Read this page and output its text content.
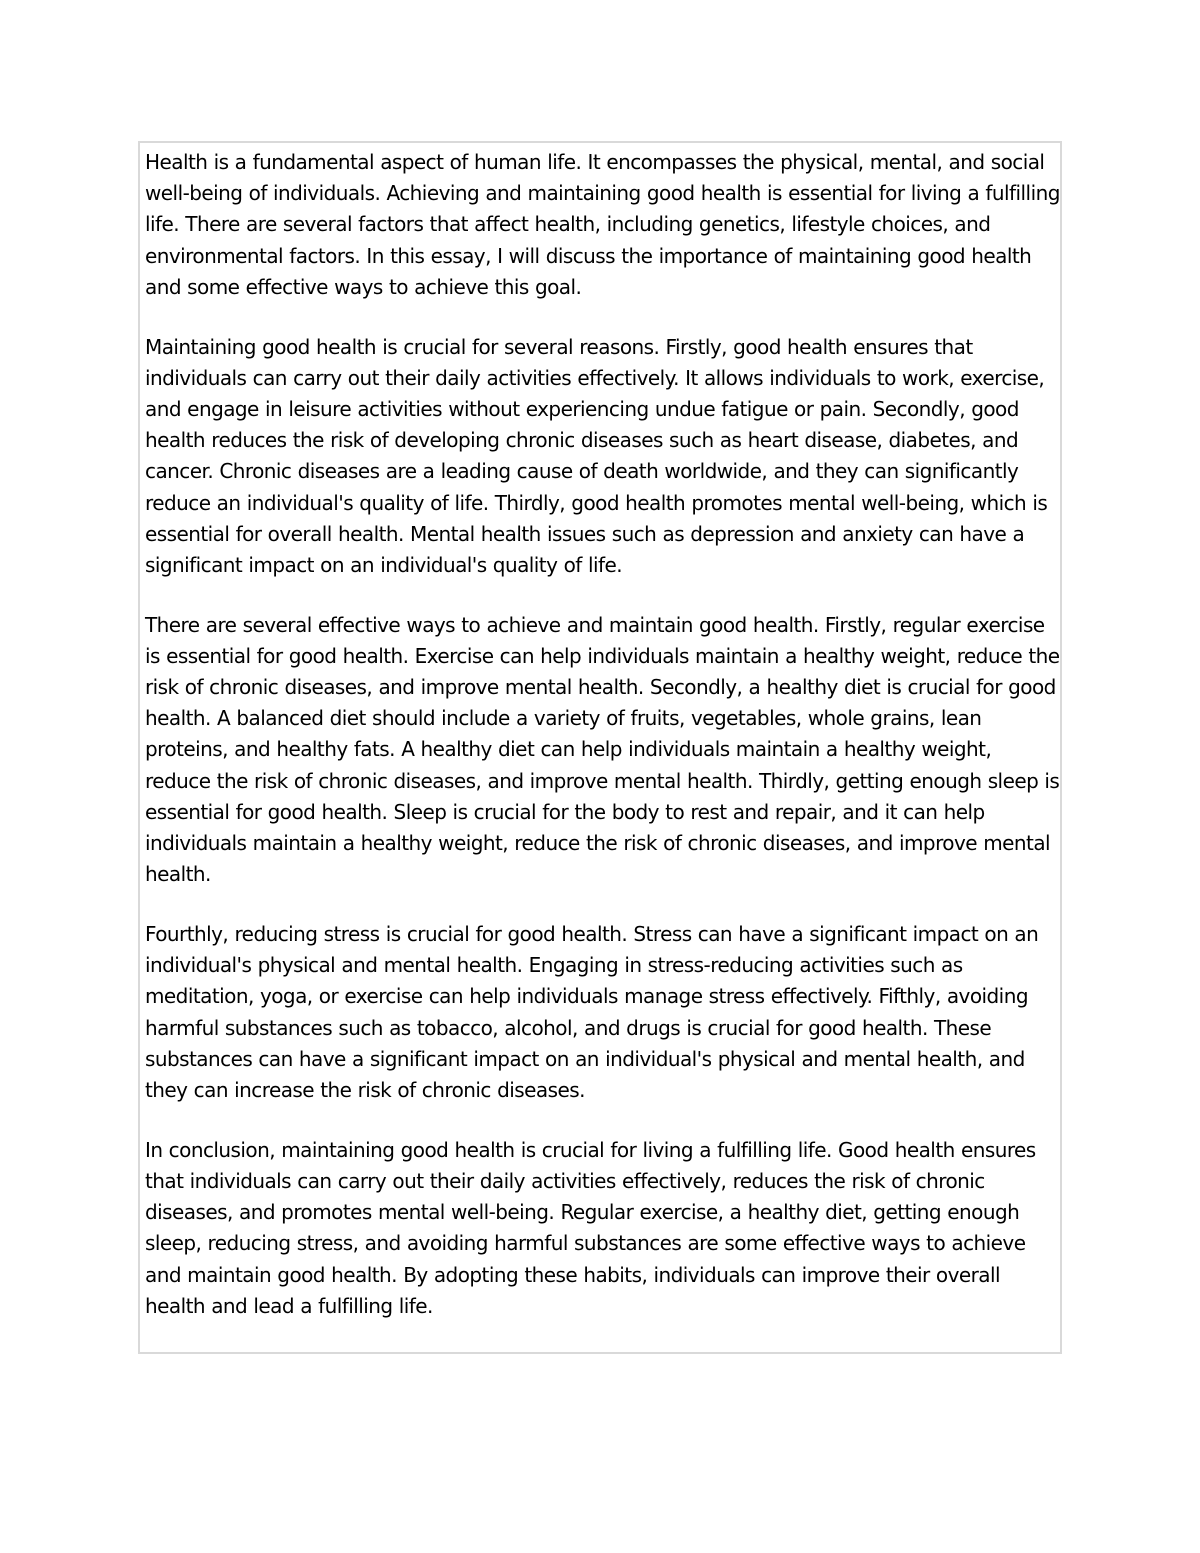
Health is a fundamental aspect of human life. It encompasses the physical, mental, and social well-being of individuals. Achieving and maintaining good health is essential for living a fulfilling life. There are several factors that affect health, including genetics, lifestyle choices, and environmental factors. In this essay, I will discuss the importance of maintaining good health and some effective ways to achieve this goal.

Maintaining good health is crucial for several reasons. Firstly, good health ensures that individuals can carry out their daily activities effectively. It allows individuals to work, exercise, and engage in leisure activities without experiencing undue fatigue or pain. Secondly, good health reduces the risk of developing chronic diseases such as heart disease, diabetes, and cancer. Chronic diseases are a leading cause of death worldwide, and they can significantly reduce an individual's quality of life. Thirdly, good health promotes mental well-being, which is essential for overall health. Mental health issues such as depression and anxiety can have a significant impact on an individual's quality of life.

There are several effective ways to achieve and maintain good health. Firstly, regular exercise is essential for good health. Exercise can help individuals maintain a healthy weight, reduce the risk of chronic diseases, and improve mental health. Secondly, a healthy diet is crucial for good health. A balanced diet should include a variety of fruits, vegetables, whole grains, lean proteins, and healthy fats. A healthy diet can help individuals maintain a healthy weight, reduce the risk of chronic diseases, and improve mental health. Thirdly, getting enough sleep is essential for good health. Sleep is crucial for the body to rest and repair, and it can help individuals maintain a healthy weight, reduce the risk of chronic diseases, and improve mental health.

Fourthly, reducing stress is crucial for good health. Stress can have a significant impact on an individual's physical and mental health. Engaging in stress-reducing activities such as meditation, yoga, or exercise can help individuals manage stress effectively. Fifthly, avoiding harmful substances such as tobacco, alcohol, and drugs is crucial for good health. These substances can have a significant impact on an individual's physical and mental health, and they can increase the risk of chronic diseases.

In conclusion, maintaining good health is crucial for living a fulfilling life. Good health ensures that individuals can carry out their daily activities effectively, reduces the risk of chronic diseases, and promotes mental well-being. Regular exercise, a healthy diet, getting enough sleep, reducing stress, and avoiding harmful substances are some effective ways to achieve and maintain good health. By adopting these habits, individuals can improve their overall health and lead a fulfilling life.
